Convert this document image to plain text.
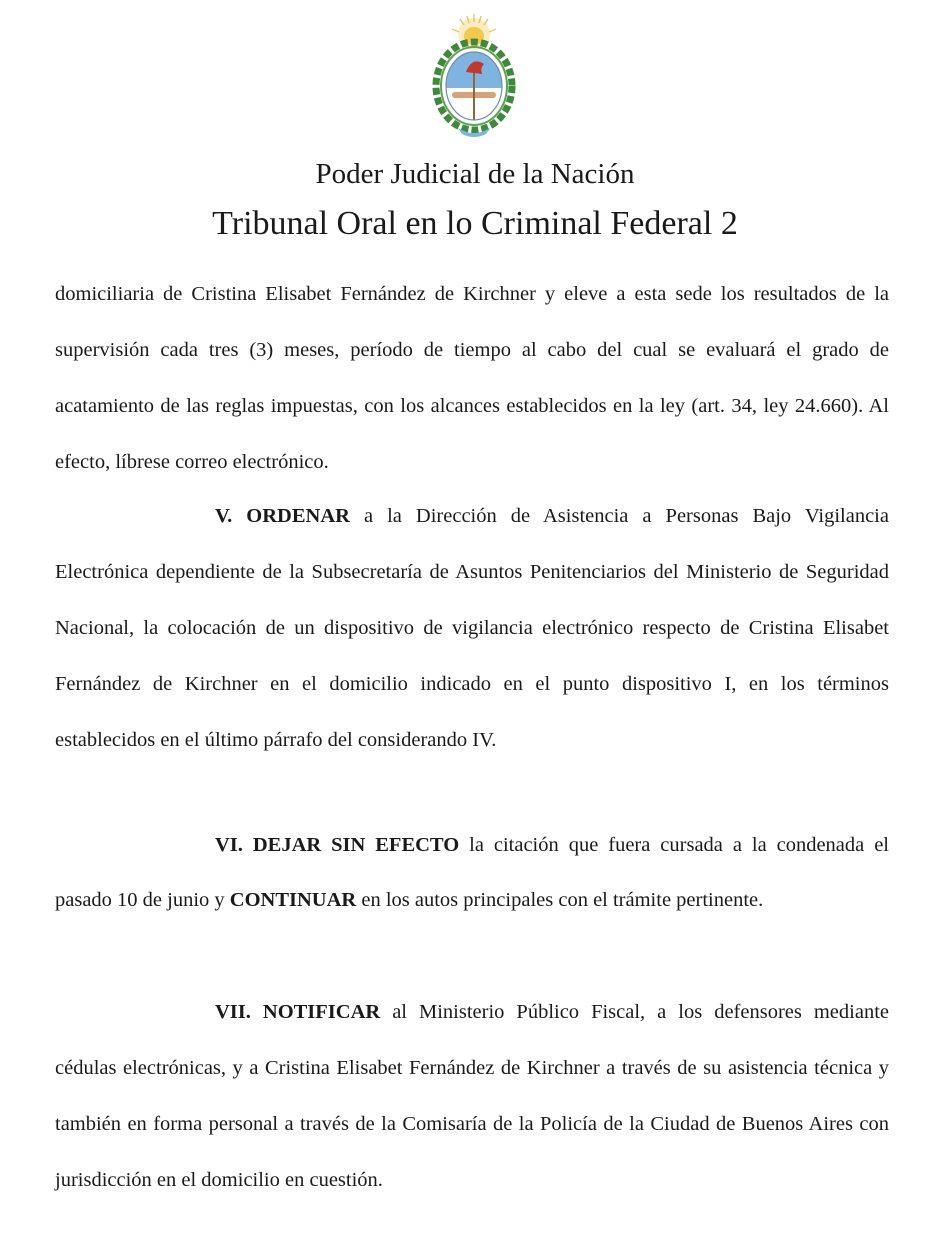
Poder Judicial de la Nación
Tribunal Oral en lo Criminal Federal 2

domiciliaria de Cristina Elisabet Fernández de Kirchner y eleve a esta sede los resultados de la supervisión cada tres (3) meses, período de tiempo al cabo del cual se evaluará el grado de acatamiento de las reglas impuestas, con los alcances establecidos en la ley (art. 34, ley 24.660). Al efecto, líbrese correo electrónico.

V. ORDENAR a la Dirección de Asistencia a Personas Bajo Vigilancia Electrónica dependiente de la Subsecretaría de Asuntos Penitenciarios del Ministerio de Seguridad Nacional, la colocación de un dispositivo de vigilancia electrónico respecto de Cristina Elisabet Fernández de Kirchner en el domicilio indicado en el punto dispositivo I, en los términos establecidos en el último párrafo del considerando IV.

VI. DEJAR SIN EFECTO la citación que fuera cursada a la condenada el pasado 10 de junio y CONTINUAR en los autos principales con el trámite pertinente.

VII. NOTIFICAR al Ministerio Público Fiscal, a los defensores mediante cédulas electrónicas, y a Cristina Elisabet Fernández de Kirchner a través de su asistencia técnica y también en forma personal a través de la Comisaría de la Policía de la Ciudad de Buenos Aires con jurisdicción en el domicilio en cuestión.
